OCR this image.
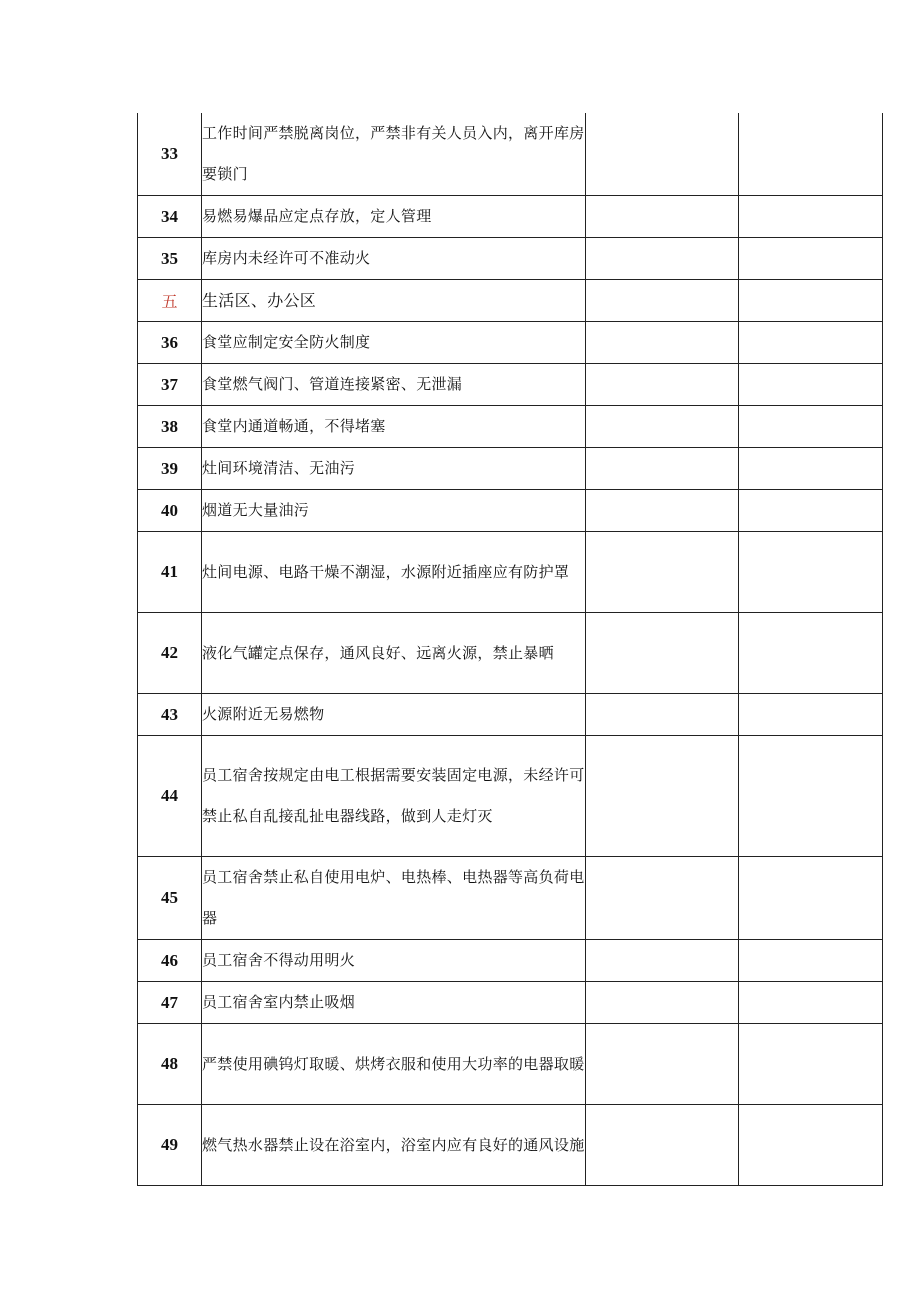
33	工作时间严禁脱离岗位，严禁非有关人员入内，离开库房要锁门		
34	易燃易爆品应定点存放，定人管理		
35	库房内未经许可不准动火		
五	生活区、办公区		
36	食堂应制定安全防火制度		
37	食堂燃气阀门、管道连接紧密、无泄漏		
38	食堂内通道畅通，不得堵塞		
39	灶间环境清洁、无油污		
40	烟道无大量油污		
41	灶间电源、电路干燥不潮湿，水源附近插座应有防护罩		
42	液化气罐定点保存，通风良好、远离火源，禁止暴晒		
43	火源附近无易燃物		
44	员工宿舍按规定由电工根据需要安装固定电源，未经许可禁止私自乱接乱扯电器线路，做到人走灯灭		
45	员工宿舍禁止私自使用电炉、电热棒、电热器等高负荷电器		
46	员工宿舍不得动用明火		
47	员工宿舍室内禁止吸烟		
48	严禁使用碘钨灯取暖、烘烤衣服和使用大功率的电器取暖		
49	燃气热水器禁止设在浴室内，浴室内应有良好的通风设施		
